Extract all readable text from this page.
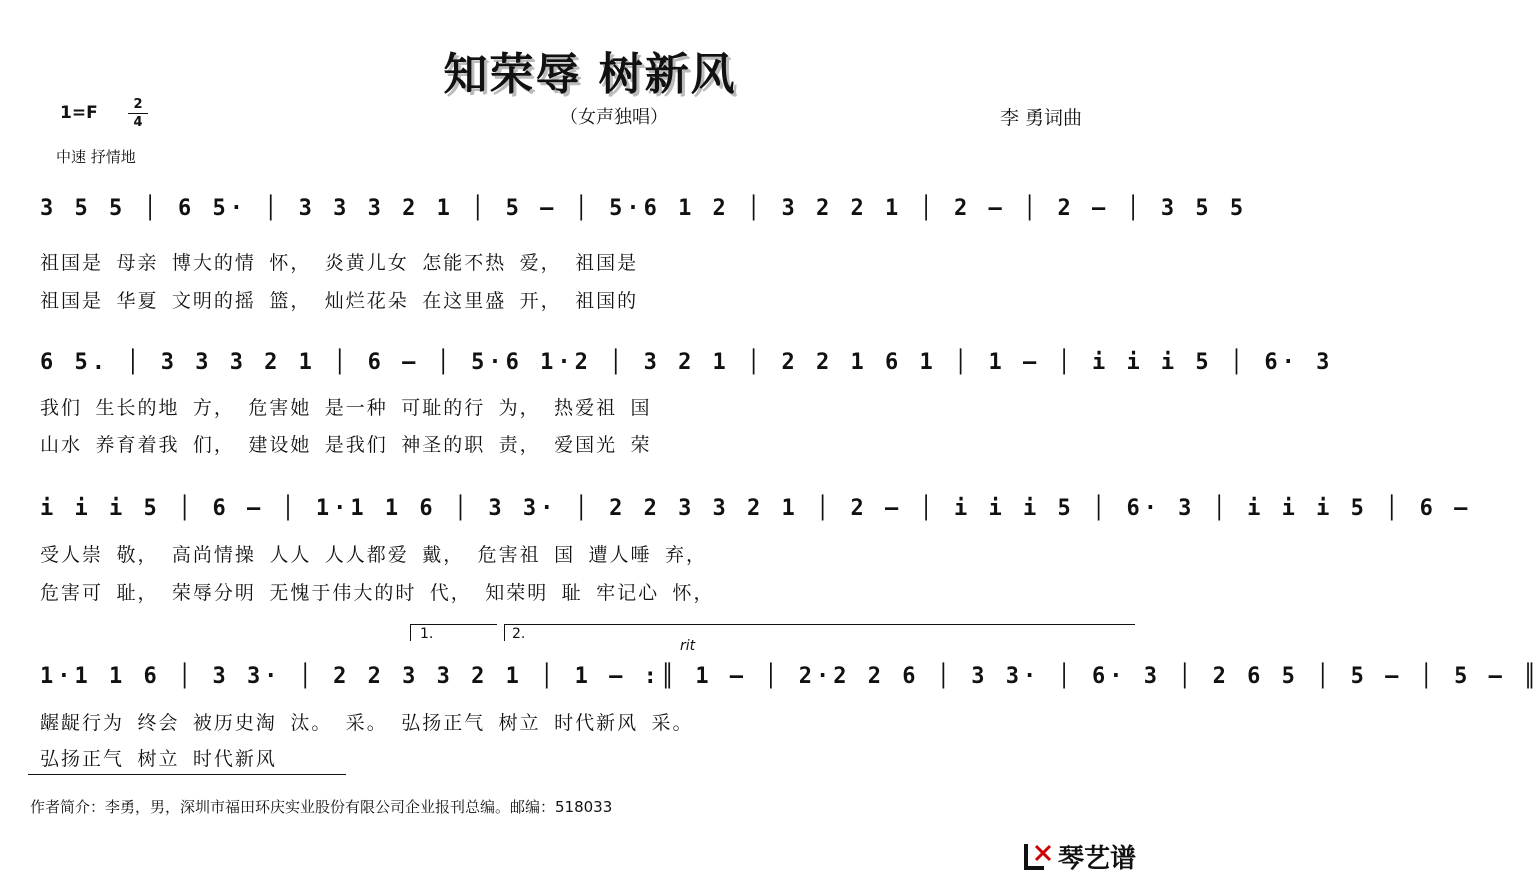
知荣辱 树新风
1=F	2
4	（女声独唱）	李 勇词曲
中速 抒情地
3 5 5 │ 6 5· │ 3 3 3 2 1 │ 5 – │ 5·6 1 2 │ 3 2 2 1 │ 2 – │ 2 – │ 3 5 5
祖国是 母亲 博大的情 怀， 炎黄儿女 怎能不热 爱， 祖国是
祖国是 华夏 文明的摇 篮， 灿烂花朵 在这里盛 开， 祖国的
6 5. │ 3 3 3 2 1 │ 6 – │ 5·6 1·2 │ 3 2 1 │ 2 2 1 6 1 │ 1 – │ i i i 5 │ 6· 3
我们 生长的地 方， 危害她 是一种 可耻的行 为， 热爱祖 国
山水 养育着我 们， 建设她 是我们 神圣的职 责， 爱国光 荣
i i i 5 │ 6 – │ 1·1 1 6 │ 3 3· │ 2 2 3 3 2 1 │ 2 – │ i i i 5 │ 6· 3 │ i i i 5 │ 6 –
受人崇 敬， 高尚情操 人人 人人都爱 戴， 危害祖 国 遭人唾 弃，
危害可 耻， 荣辱分明 无愧于伟大的时 代， 知荣明 耻 牢记心 怀，
1.	2.
rit
1·1 1 6 │ 3 3· │ 2 2 3 3 2 1 │ 1 – :║ 1 – │ 2·2 2 6 │ 3 3· │ 6· 3 │ 2 6 5 │ 5 – │ 5 – ║
龌龊行为 终会 被历史淘 汰。 采。 弘扬正气 树立 时代新风 采。
弘扬正气 树立 时代新风
作者简介：李勇，男，深圳市福田环庆实业股份有限公司企业报刊总编。邮编：518033
琴艺谱
